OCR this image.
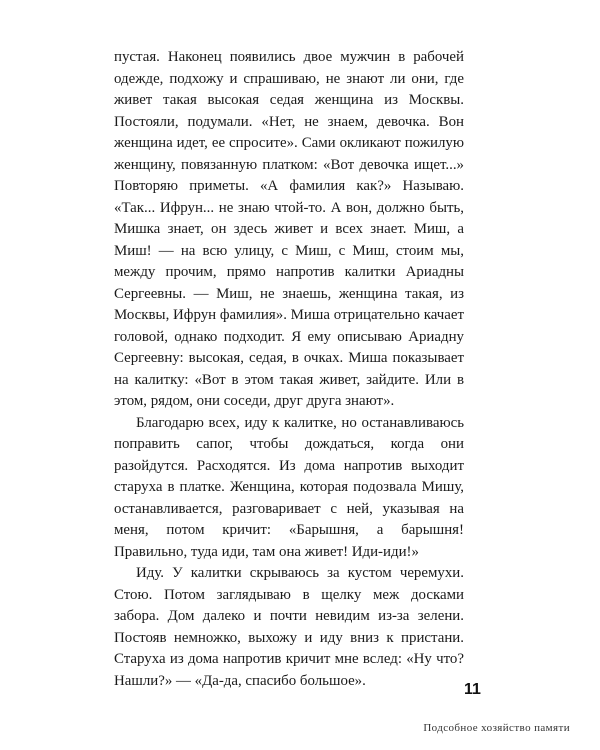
пустая. Наконец появились двое мужчин в рабочей одежде, подхожу и спрашиваю, не знают ли они, где живет такая высокая седая женщина из Москвы. Постояли, подумали. «Нет, не знаем, девочка. Вон женщина идет, ее спросите». Сами окликают пожилую женщину, повязанную платком: «Вот девочка ищет...» Повторяю приметы. «А фамилия как?» Называю. «Так... Ифрун... не знаю чтой-то. А вон, должно быть, Мишка знает, он здесь живет и всех знает. Миш, а Миш! — на всю улицу, с Миш, с Миш, стоим мы, между прочим, прямо напротив калитки Ариадны Сергеевны. — Миш, не знаешь, женщина такая, из Москвы, Ифрун фамилия». Миша отрицательно качает головой, однако подходит. Я ему описываю Ариадну Сергеевну: высокая, седая, в очках. Миша показывает на калитку: «Вот в этом такая живет, зайдите. Или в этом, рядом, они соседи, друг друга знают».

Благодарю всех, иду к калитке, но останавливаюсь поправить сапог, чтобы дождаться, когда они разойдутся. Расходятся. Из дома напротив выходит старуха в платке. Женщина, которая подозвала Мишу, останавливается, разговаривает с ней, указывая на меня, потом кричит: «Барышня, а барышня! Правильно, туда иди, там она живет! Иди-иди!»

Иду. У калитки скрываюсь за кустом черемухи. Стою. Потом заглядываю в щелку меж досками забора. Дом далеко и почти невидим из-за зелени. Постояв немножко, выхожу и иду вниз к пристани. Старуха из дома напротив кричит мне вслед: «Ну что? Нашли?» — «Да-да, спасибо большое».

11
Подсобное хозяйство памяти
